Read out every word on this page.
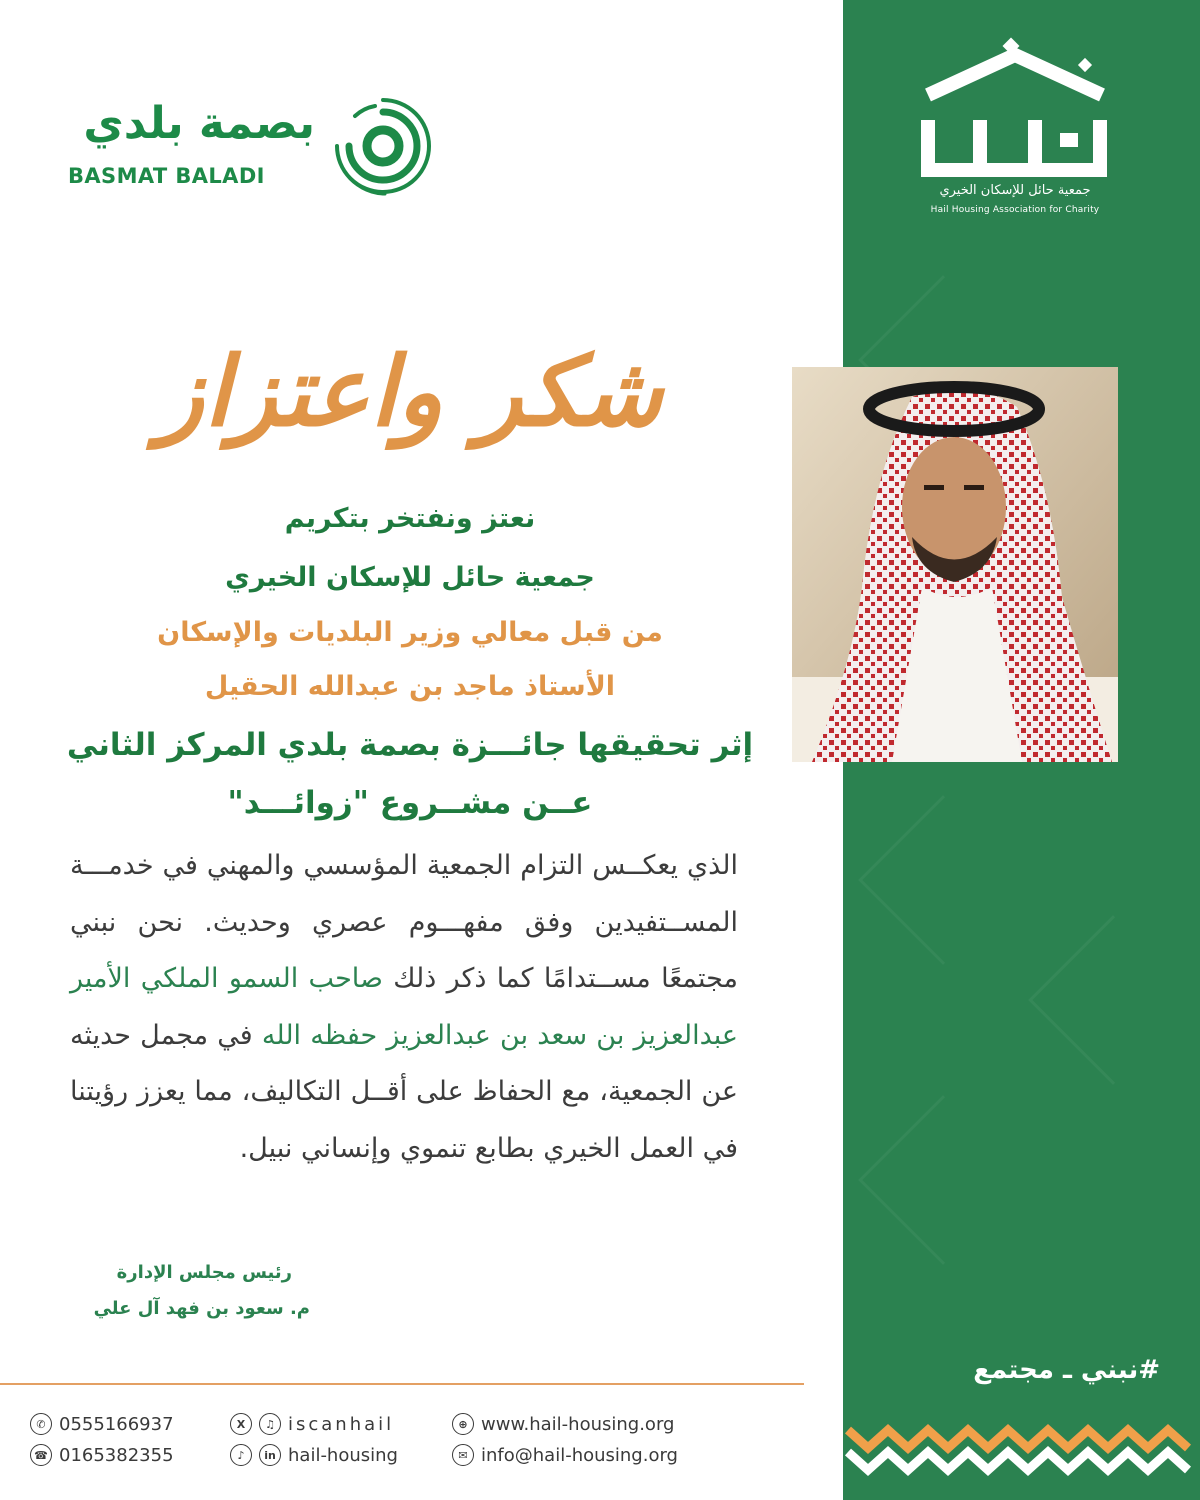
جمعية حائل للإسكان الخيري
Hail Housing Association for Charity
#نبني ـ مجتمع
بصمة بلدي
BASMAT BALADI
شكر واعتزاز
نعتز ونفتخر بتكريم
جمعية حائل للإسكان الخيري
من قبل معالي وزير البلديات والإسكان
الأستاذ ماجد بن عبدالله الحقيل
إثر تحقيقها جائـــزة بصمة بلدي المركز الثاني
عــن مشــروع "زوائـــد"
الذي يعكــس التزام الجمعية المؤسسي والمهني في خدمـــة المســتفيدين وفق مفهـــوم عصري وحديث. نحن نبني مجتمعًا مســتدامًا كما ذكر ذلك صاحب السمو الملكي الأمير عبدالعزيز بن سعد بن عبدالعزيز حفظه الله في مجمل حديثه عن الجمعية، مع الحفاظ على أقــل التكاليف، مما يعزز رؤيتنا في العمل الخيري بطابع تنموي وإنساني نبيل.
رئيس مجلس الإدارة
م. سعود بن فهد آل علي
✆ 0555166937
☎ 0165382355
X	♫ iscanhail
♪	in hail-housing
⊕ www.hail-housing.org
✉ info@hail-housing.org
